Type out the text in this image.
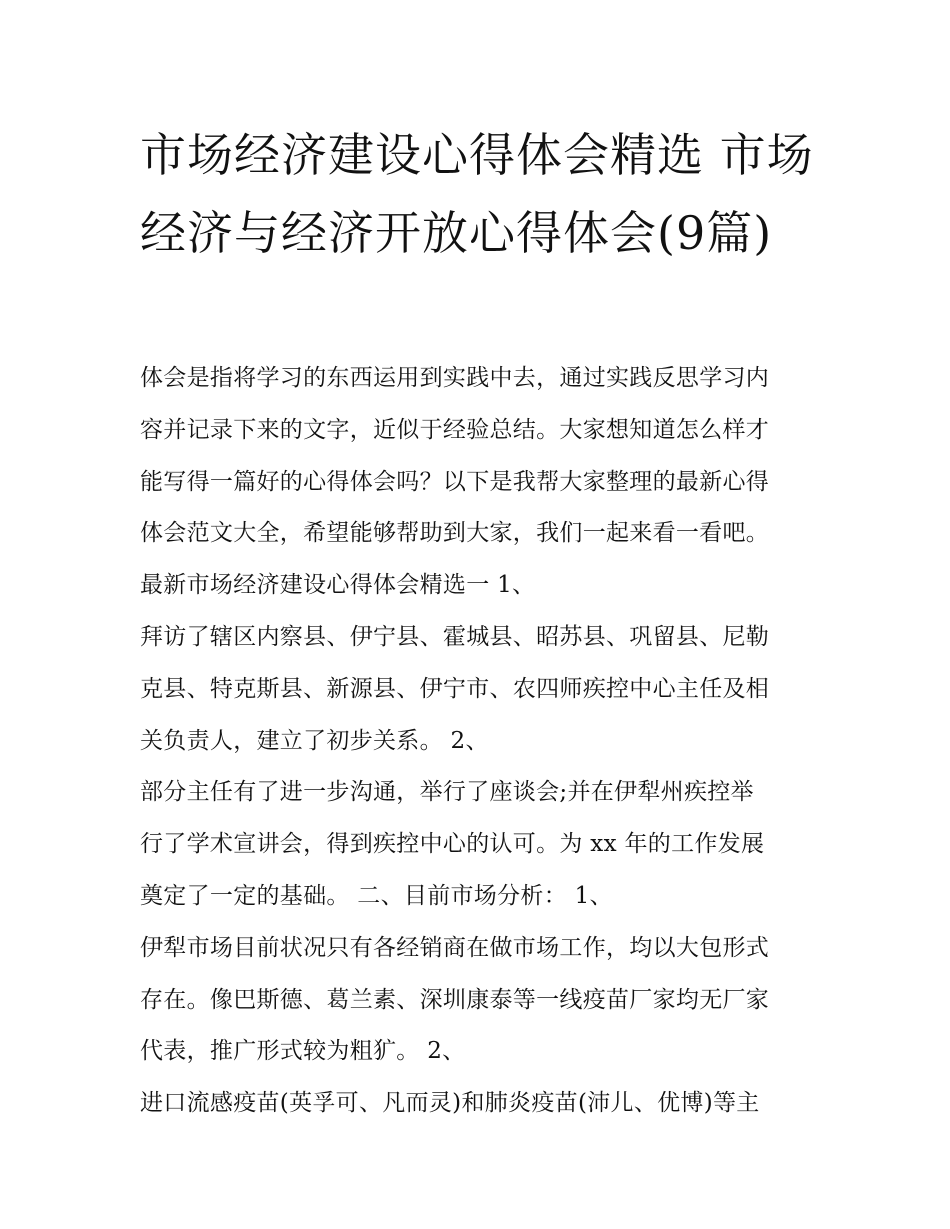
市场经济建设心得体会精选 市场经济与经济开放心得体会(9篇)
体会是指将学习的东西运用到实践中去，通过实践反思学习内
容并记录下来的文字，近似于经验总结。大家想知道怎么样才
能写得一篇好的心得体会吗？以下是我帮大家整理的最新心得
体会范文大全，希望能够帮助到大家，我们一起来看一看吧。
最新市场经济建设心得体会精选一 1、
拜访了辖区内察县、伊宁县、霍城县、昭苏县、巩留县、尼勒
克县、特克斯县、新源县、伊宁市、农四师疾控中心主任及相
关负责人，建立了初步关系。 2、
部分主任有了进一步沟通，举行了座谈会;并在伊犁州疾控举
行了学术宣讲会，得到疾控中心的认可。为 xx 年的工作发展
奠定了一定的基础。 二、目前市场分析： 1、
伊犁市场目前状况只有各经销商在做市场工作，均以大包形式
存在。像巴斯德、葛兰素、深圳康泰等一线疫苗厂家均无厂家
代表，推广形式较为粗犷。 2、
进口流感疫苗(英孚可、凡而灵)和肺炎疫苗(沛儿、优博)等主
